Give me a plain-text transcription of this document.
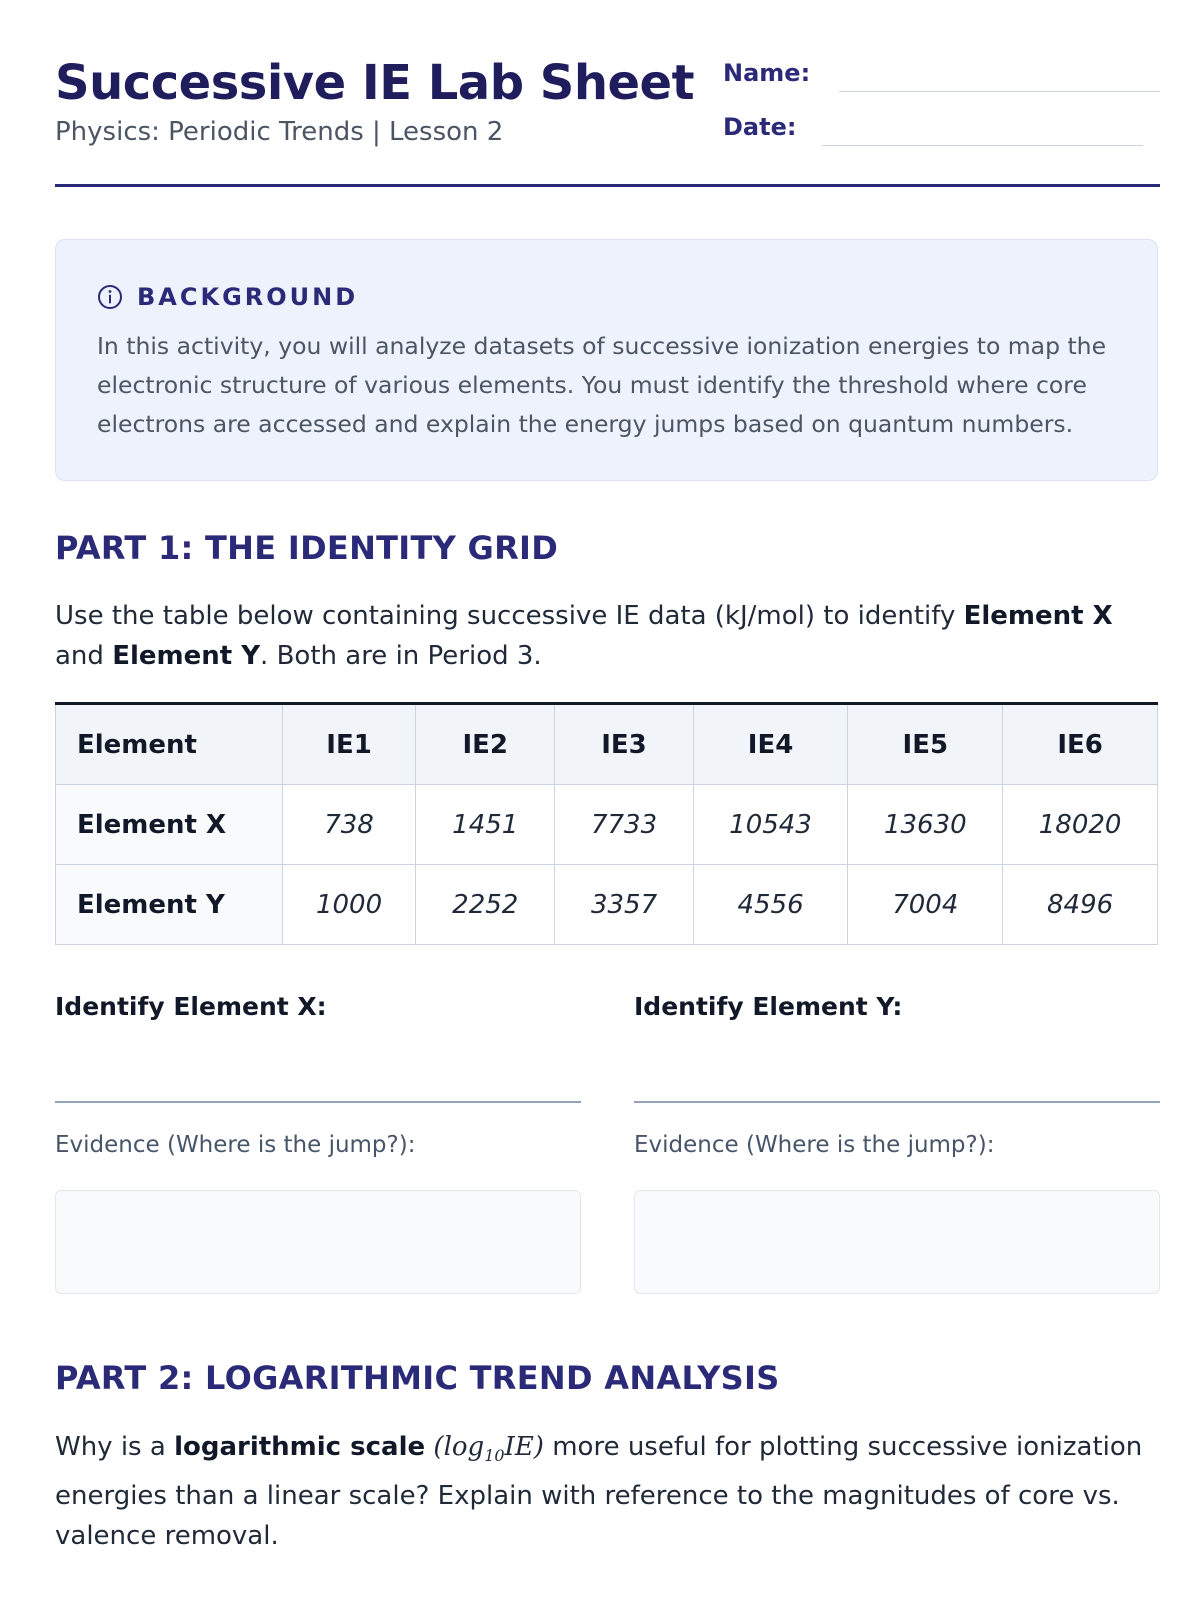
Successive IE Lab Sheet
Physics: Periodic Trends | Lesson 2
Name:
Date:
BACKGROUND
In this activity, you will analyze datasets of successive ionization energies to map the electronic structure of various elements. You must identify the threshold where core electrons are accessed and explain the energy jumps based on quantum numbers.
PART 1: THE IDENTITY GRID
Use the table below containing successive IE data (kJ/mol) to identify Element X and Element Y. Both are in Period 3.
Element	IE1	IE2	IE3	IE4	IE5	IE6
Element X	738	1451	7733	10543	13630	18020
Element Y	1000	2252	3357	4556	7004	8496
Identify Element X:
Evidence (Where is the jump?):
Identify Element Y:
Evidence (Where is the jump?):
PART 2: LOGARITHMIC TREND ANALYSIS
Why is a logarithmic scale $(\log_{10}IE)$ more useful for plotting successive ionization energies than a linear scale? Explain with reference to the magnitudes of core vs. valence removal.
